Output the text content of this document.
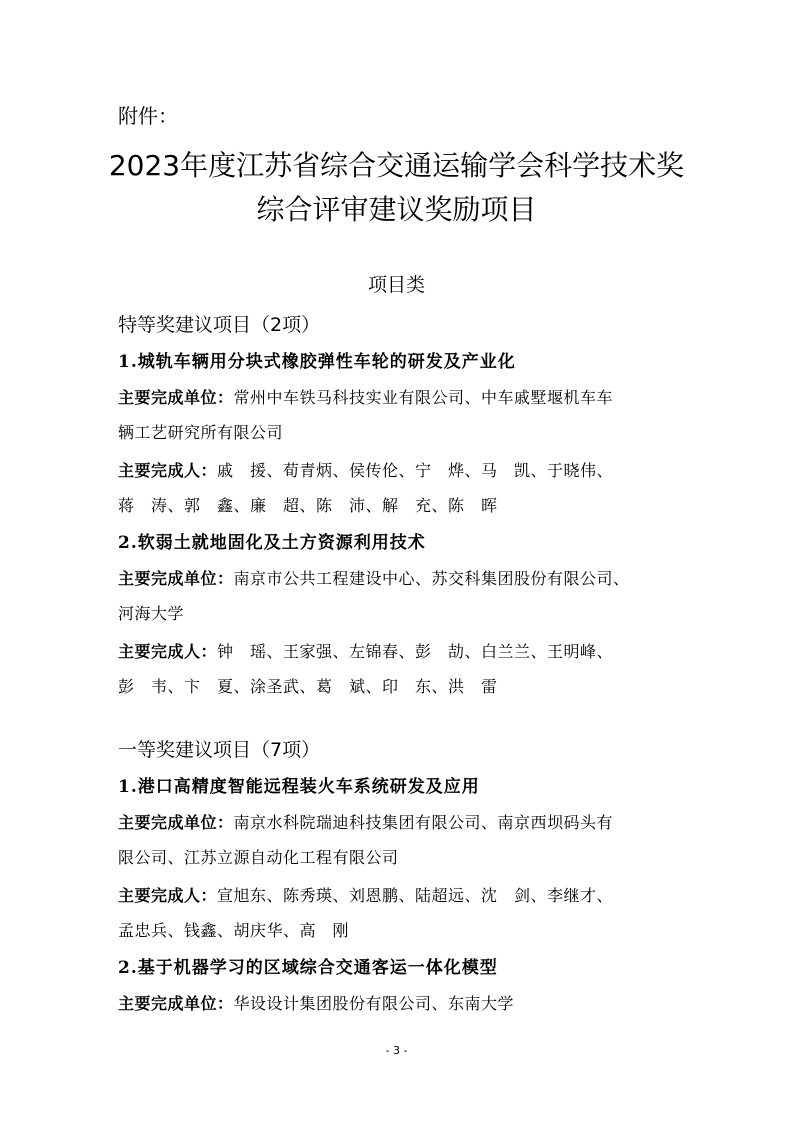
附件：
2023年度江苏省综合交通运输学会科学技术奖
综合评审建议奖励项目
项目类
特等奖建议项目（2项）
1.城轨车辆用分块式橡胶弹性车轮的研发及产业化
主要完成单位：常州中车铁马科技实业有限公司、中车戚墅堰机车车
辆工艺研究所有限公司
主要完成人：戚　援、荀青炳、侯传伦、宁　烨、马　凯、于晓伟、
蒋　涛、郭　鑫、廉　超、陈　沛、解　充、陈　晖
2.软弱土就地固化及土方资源利用技术
主要完成单位：南京市公共工程建设中心、苏交科集团股份有限公司、
河海大学
主要完成人：钟　瑶、王家强、左锦春、彭　劼、白兰兰、王明峰、
彭　韦、卞　夏、涂圣武、葛　斌、印　东、洪　雷
一等奖建议项目（7项）
1.港口高精度智能远程装火车系统研发及应用
主要完成单位：南京水科院瑞迪科技集团有限公司、南京西坝码头有
限公司、江苏立源自动化工程有限公司
主要完成人：宣旭东、陈秀瑛、刘恩鹏、陆超远、沈　剑、李继才、
孟忠兵、钱鑫、胡庆华、高　刚
2.基于机器学习的区域综合交通客运一体化模型
主要完成单位：华设设计集团股份有限公司、东南大学
- 3 -
